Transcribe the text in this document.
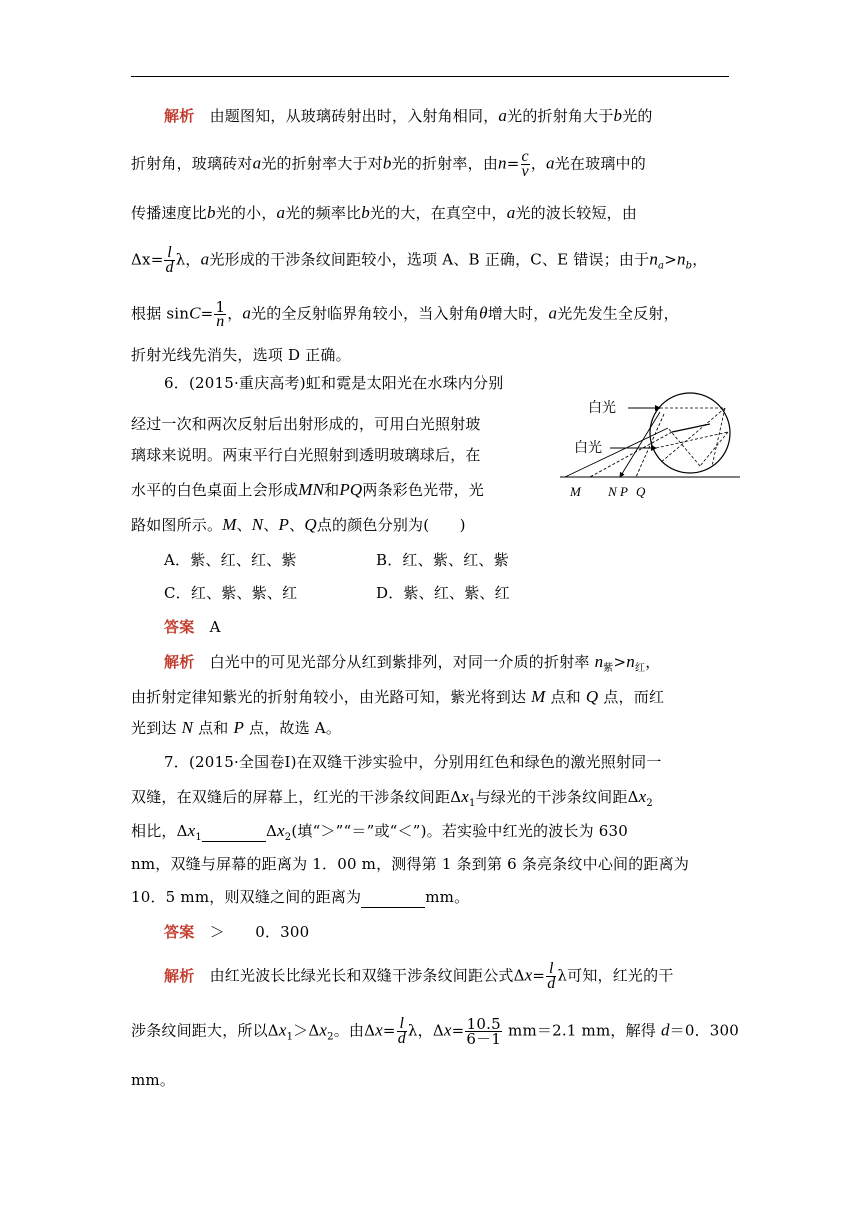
解析　 由题图知，从玻璃砖射出时，入射角相同，a光的折射角大于b光的
折射角，玻璃砖对a光的折射率大于对b光的折射率，由$n= \frac{c}{v}$ ，a光在玻璃中的
传播速度比b光的小，a光的频率比b光的大，在真空中，a光的波长较短，由
$\Delta x= \frac{l}{d}$ λ，a光形成的干涉条纹间距较小，选项 A、B 正确，C、E 错误；由于$n_a>n_b$，
根据 $\sin C= \frac{1}{n}$ ，a光的全反射临界角较小，当入射角θ增大时，a光先发生全反射，
折射光线先消失，选项 D 正确。
6．(2015·重庆高考)虹和霓是太阳光在水珠内分别
经过一次和两次反射后出射形成的，可用白光照射玻
璃球来说明。两束平行白光照射到透明玻璃球后，在
水平的白色桌面上会形成MN和PQ两条彩色光带，光
路如图所示。M、N、P、Q点的颜色分别为(　　)
A．紫、红、红、紫	B．红、紫、红、紫
C．红、紫、紫、红	D．紫、红、紫、红
答案　 A
解析　 白光中的可见光部分从红到紫排列，对同一介质的折射率 $n_紫>n_红$，
由折射定律知紫光的折射角较小，由光路可知，紫光将到达 M 点和 Q 点，而红
光到达 N 点和 P 点，故选 A。
白光
白光
M N P Q
7．(2015·全国卷Ⅰ)在双缝干涉实验中，分别用红色和绿色的激光照射同一
双缝，在双缝后的屏幕上，红光的干涉条纹间距$\Delta x_1$与绿光的干涉条纹间距$\Delta x_2$
相比，$\Delta x_1$	$\Delta x_2$(填“＞”“＝”或“＜”)。若实验中红光的波长为 630
nm，双缝与屏幕的距离为 1．00 m，测得第 1 条到第 6 条亮条纹中心间的距离为
10．5 mm，则双缝之间的距离为	mm。
答案　 ＞　　 0．300
解析　 由红光波长比绿光长和双缝干涉条纹间距公式$\Delta x= \frac{l}{d}$ λ可知，红光的干
涉条纹间距大，所以$\Delta x_1>\Delta x_2$。由$\Delta x= \frac{l}{d}$ λ，$\Delta x= \frac{10.5}{6-1} mm=2.1$ mm，解得 d＝0．300
mm。
